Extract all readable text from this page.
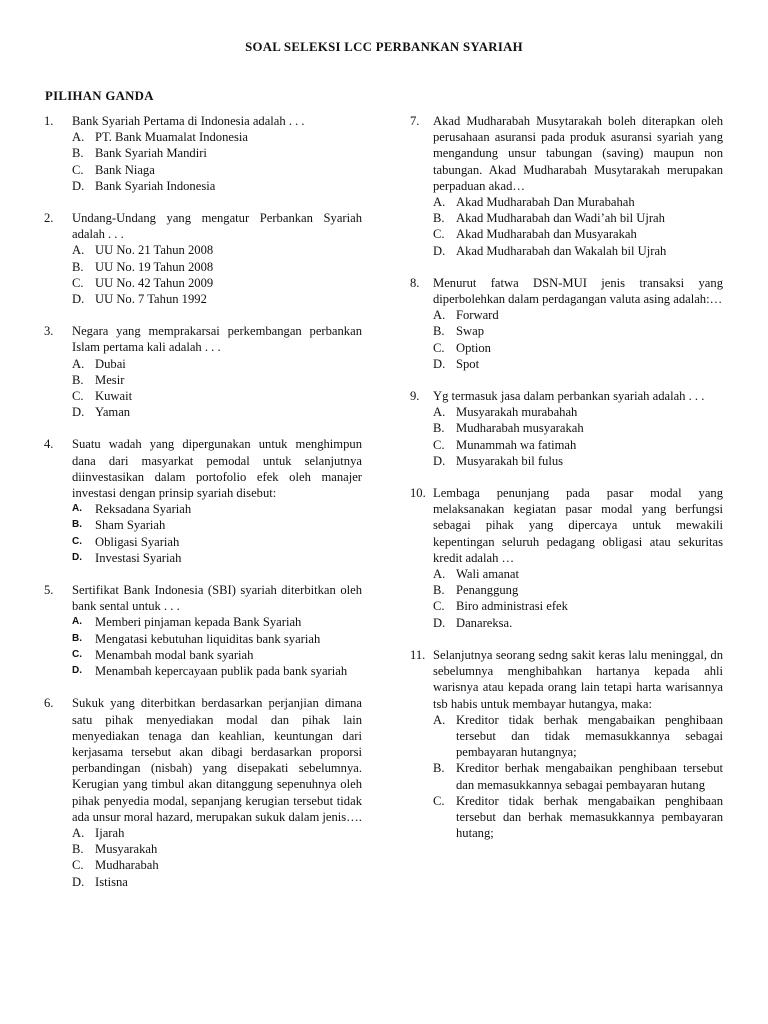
SOAL SELEKSI LCC PERBANKAN SYARIAH
PILIHAN GANDA
1.	Bank Syariah Pertama di Indonesia adalah . . .
A. PT. Bank Muamalat Indonesia
B. Bank Syariah Mandiri
C. Bank Niaga
D. Bank Syariah Indonesia
2.	Undang-Undang yang mengatur Perbankan Syariah adalah . . .
A. UU No. 21 Tahun 2008
B. UU No. 19 Tahun 2008
C. UU No. 42 Tahun 2009
D. UU No. 7 Tahun 1992
3.	Negara yang memprakarsai perkembangan perbankan Islam pertama kali adalah . . .
A. Dubai
B. Mesir
C. Kuwait
D. Yaman
4.	Suatu wadah yang dipergunakan untuk menghimpun dana dari masyarkat pemodal untuk selanjutnya diinvestasikan dalam portofolio efek oleh manajer investasi dengan prinsip syariah disebut:
A. Reksadana Syariah
B. Sham Syariah
C. Obligasi Syariah
D. Investasi Syariah
5.	Sertifikat Bank Indonesia (SBI) syariah diterbitkan oleh bank sental untuk . . .
A. Memberi pinjaman kepada Bank Syariah
B. Mengatasi kebutuhan liquiditas bank syariah
C. Menambah modal bank syariah
D. Menambah kepercayaan publik pada bank syariah
6.	Sukuk yang diterbitkan berdasarkan perjanjian dimana satu pihak menyediakan modal dan pihak lain menyediakan tenaga dan keahlian, keuntungan dari kerjasama tersebut akan dibagi berdasarkan proporsi perbandingan (nisbah) yang disepakati sebelumnya. Kerugian yang timbul akan ditanggung sepenuhnya oleh pihak penyedia modal, sepanjang kerugian tersebut tidak ada unsur moral hazard, merupakan sukuk dalam jenis….
A. Ijarah
B. Musyarakah
C. Mudharabah
D. Istisna
7.	Akad Mudharabah Musytarakah boleh diterapkan oleh perusahaan asuransi pada produk asuransi syariah yang mengandung unsur tabungan (saving) maupun non tabungan. Akad Mudharabah Musytarakah merupakan perpaduan akad…
A. Akad Mudharabah Dan Murabahah
B. Akad Mudharabah dan Wadi’ah bil Ujrah
C. Akad Mudharabah dan Musyarakah
D. Akad Mudharabah dan Wakalah bil Ujrah
8.	Menurut fatwa DSN-MUI jenis transaksi yang diperbolehkan dalam perdagangan valuta asing adalah:…
A. Forward
B. Swap
C. Option
D. Spot
9.	Yg termasuk jasa dalam perbankan syariah adalah . . .
A. Musyarakah murabahah
B. Mudharabah musyarakah
C. Munammah wa fatimah
D. Musyarakah bil fulus
10. Lembaga penunjang pada pasar modal yang melaksanakan kegiatan pasar modal yang berfungsi sebagai pihak yang dipercaya untuk mewakili kepentingan seluruh pedagang obligasi atau sekuritas kredit adalah …
A. Wali amanat
B. Penanggung
C. Biro administrasi efek
D. Danareksa.
11. Selanjutnya seorang sedng sakit keras lalu meninggal, dn sebelumnya menghibahkan hartanya kepada ahli warisnya atau kepada orang lain tetapi harta warisannya tsb habis untuk membayar hutangya, maka:
A. Kreditor tidak berhak mengabaikan penghibaan tersebut dan tidak memasukkannya sebagai pembayaran hutangnya;
B. Kreditor berhak mengabaikan penghibaan tersebut dan memasukkannya sebagai pembayaran hutang
C. Kreditor tidak berhak mengabaikan penghibaan tersebut dan berhak memasukkannya pembayaran hutang;
